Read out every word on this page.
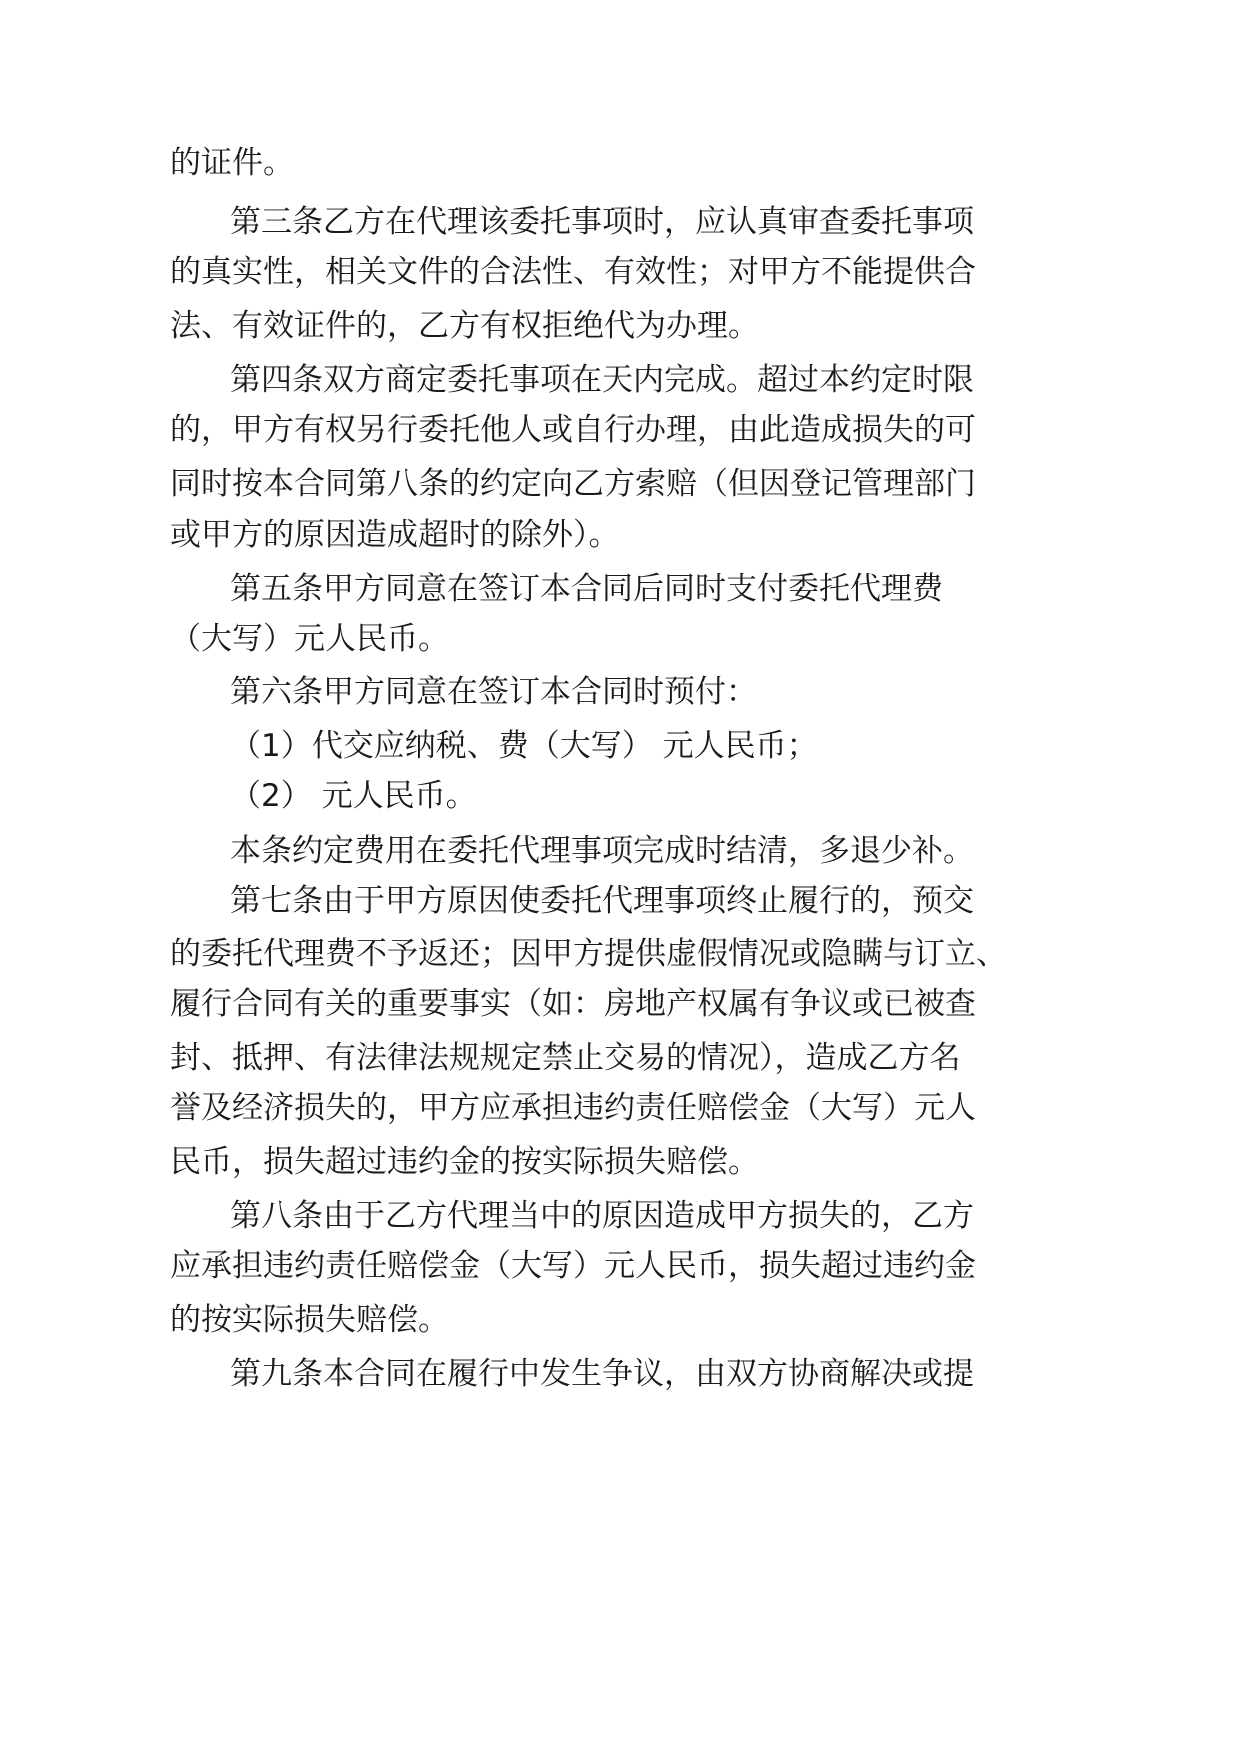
的证件。
第三条乙方在代理该委托事项时，应认真审查委托事项
的真实性，相关文件的合法性、有效性；对甲方不能提供合
法、有效证件的，乙方有权拒绝代为办理。
第四条双方商定委托事项在天内完成。超过本约定时限
的，甲方有权另行委托他人或自行办理，由此造成损失的可
同时按本合同第八条的约定向乙方索赔（但因登记管理部门
或甲方的原因造成超时的除外）。
第五条甲方同意在签订本合同后同时支付委托代理费
（大写）元人民币。
第六条甲方同意在签订本合同时预付：
（1）代交应纳税、费（大写） 元人民币；
（2） 元人民币。
本条约定费用在委托代理事项完成时结清，多退少补。
第七条由于甲方原因使委托代理事项终止履行的，预交
的委托代理费不予返还；因甲方提供虚假情况或隐瞒与订立、
履行合同有关的重要事实（如：房地产权属有争议或已被查
封、抵押、有法律法规规定禁止交易的情况），造成乙方名
誉及经济损失的，甲方应承担违约责任赔偿金（大写）元人
民币，损失超过违约金的按实际损失赔偿。
第八条由于乙方代理当中的原因造成甲方损失的，乙方
应承担违约责任赔偿金（大写）元人民币，损失超过违约金
的按实际损失赔偿。
第九条本合同在履行中发生争议，由双方协商解决或提
